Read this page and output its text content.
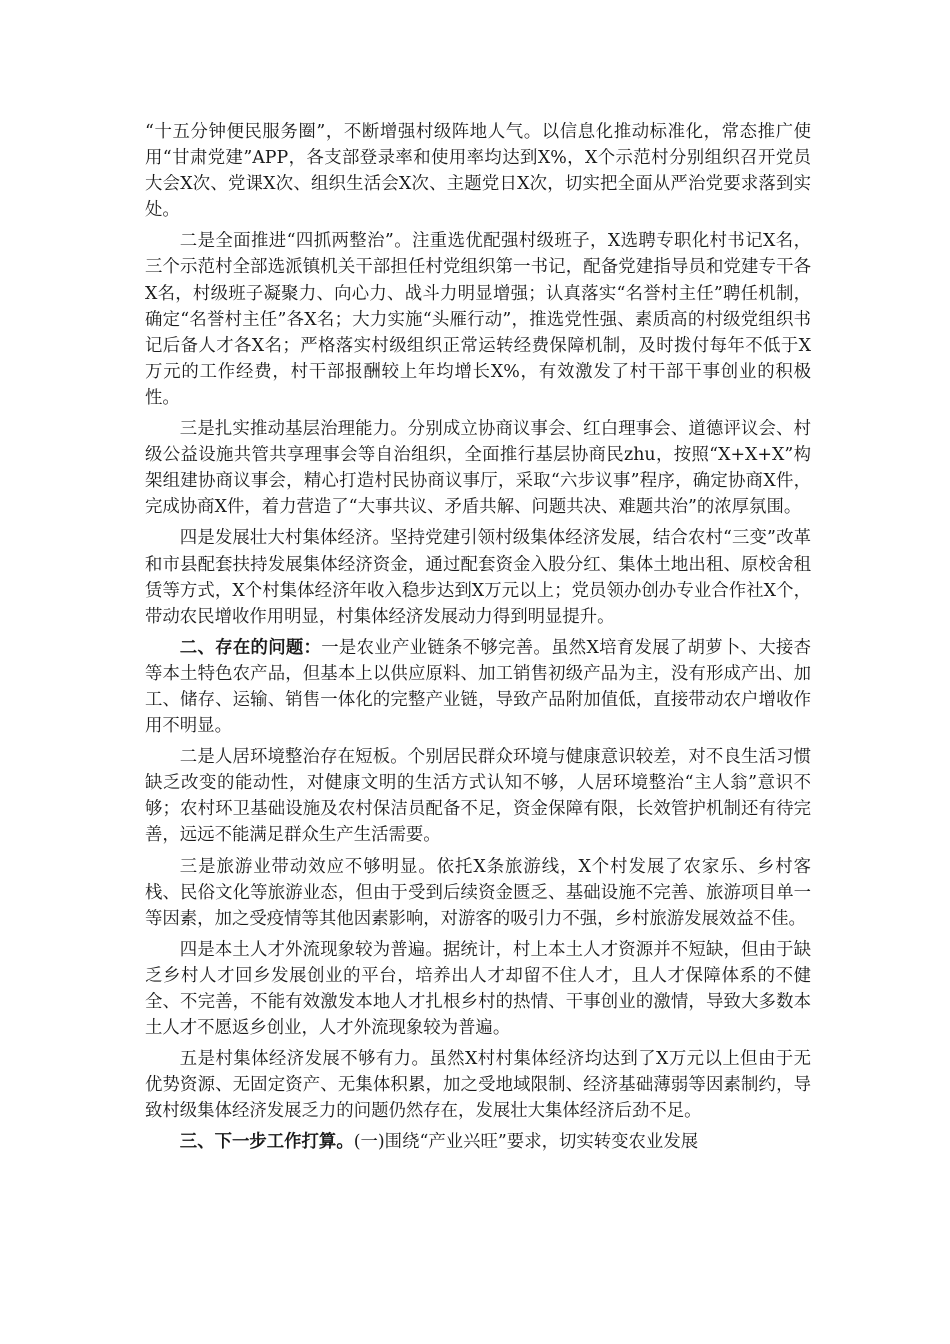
“十五分钟便民服务圈”，不断增强村级阵地人气。以信息化推动标准化，常态推广使用“甘肃党建”APP，各支部登录率和使用率均达到X%，X个示范村分别组织召开党员大会X次、党课X次、组织生活会X次、主题党日X次，切实把全面从严治党要求落到实处。

二是全面推进“四抓两整治”。注重选优配强村级班子，X选聘专职化村书记X名，三个示范村全部选派镇机关干部担任村党组织第一书记，配备党建指导员和党建专干各X名，村级班子凝聚力、向心力、战斗力明显增强；认真落实“名誉村主任”聘任机制，确定“名誉村主任”各X名；大力实施“头雁行动”，推选党性强、素质高的村级党组织书记后备人才各X名；严格落实村级组织正常运转经费保障机制，及时拨付每年不低于X万元的工作经费，村干部报酬较上年均增长X%，有效激发了村干部干事创业的积极性。

三是扎实推动基层治理能力。分别成立协商议事会、红白理事会、道德评议会、村级公益设施共管共享理事会等自治组织，全面推行基层协商民zhu，按照“X+X+X”构架组建协商议事会，精心打造村民协商议事厅，采取“六步议事”程序，确定协商X件，完成协商X件，着力营造了“大事共议、矛盾共解、问题共决、难题共治”的浓厚氛围。

四是发展壮大村集体经济。坚持党建引领村级集体经济发展，结合农村“三变”改革和市县配套扶持发展集体经济资金，通过配套资金入股分红、集体土地出租、原校舍租赁等方式，X个村集体经济年收入稳步达到X万元以上；党员领办创办专业合作社X个，带动农民增收作用明显，村集体经济发展动力得到明显提升。

二、存在的问题：一是农业产业链条不够完善。虽然X培育发展了胡萝卜、大接杏等本土特色农产品，但基本上以供应原料、加工销售初级产品为主，没有形成产出、加工、储存、运输、销售一体化的完整产业链，导致产品附加值低，直接带动农户增收作用不明显。

二是人居环境整治存在短板。个别居民群众环境与健康意识较差，对不良生活习惯缺乏改变的能动性，对健康文明的生活方式认知不够，人居环境整治“主人翁”意识不够；农村环卫基础设施及农村保洁员配备不足，资金保障有限，长效管护机制还有待完善，远远不能满足群众生产生活需要。

三是旅游业带动效应不够明显。依托X条旅游线，X个村发展了农家乐、乡村客栈、民俗文化等旅游业态，但由于受到后续资金匮乏、基础设施不完善、旅游项目单一等因素，加之受疫情等其他因素影响，对游客的吸引力不强，乡村旅游发展效益不佳。

四是本土人才外流现象较为普遍。据统计，村上本土人才资源并不短缺，但由于缺乏乡村人才回乡发展创业的平台，培养出人才却留不住人才，且人才保障体系的不健全、不完善，不能有效激发本地人才扎根乡村的热情、干事创业的激情，导致大多数本土人才不愿返乡创业，人才外流现象较为普遍。

五是村集体经济发展不够有力。虽然X村村集体经济均达到了X万元以上但由于无优势资源、无固定资产、无集体积累，加之受地域限制、经济基础薄弱等因素制约，导致村级集体经济发展乏力的问题仍然存在，发展壮大集体经济后劲不足。

三、下一步工作打算。(一)围绕“产业兴旺”要求，切实转变农业发展
